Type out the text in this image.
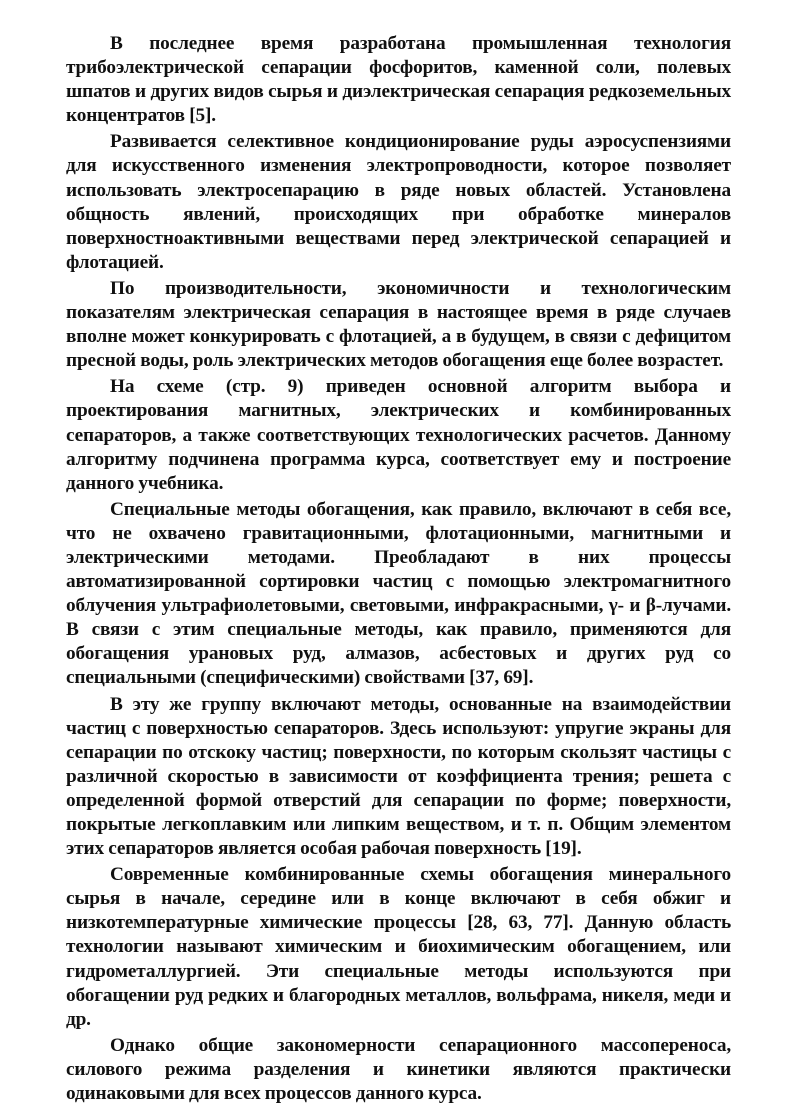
В последнее время разработана промышленная технология трибоэлектрической сепарации фосфоритов, каменной соли, полевых шпатов и других видов сырья и диэлектрическая сепарация редкоземельных концентратов [5].

Развивается селективное кондиционирование руды аэросуспензиями для искусственного изменения электропроводности, которое позволяет использовать электросепарацию в ряде новых областей. Установлена общность явлений, происходящих при обработке минералов поверхностноактивными веществами перед электрической сепарацией и флотацией.

По производительности, экономичности и технологическим показателям электрическая сепарация в настоящее время в ряде случаев вполне может конкурировать с флотацией, а в будущем, в связи с дефицитом пресной воды, роль электрических методов обогащения еще более возрастет.

На схеме (стр. 9) приведен основной алгоритм выбора и проектирования магнитных, электрических и комбинированных сепараторов, а также соответствующих технологических расчетов. Данному алгоритму подчинена программа курса, соответствует ему и построение данного учебника.

Специальные методы обогащения, как правило, включают в себя все, что не охвачено гравитационными, флотационными, магнитными и электрическими методами. Преобладают в них процессы автоматизированной сортировки частиц с помощью электромагнитного облучения ультрафиолетовыми, световыми, инфракрасными, γ- и β-лучами. В связи с этим специальные методы, как правило, применяются для обогащения урановых руд, алмазов, асбестовых и других руд со специальными (специфическими) свойствами [37, 69].

В эту же группу включают методы, основанные на взаимодействии частиц с поверхностью сепараторов. Здесь используют: упругие экраны для сепарации по отскоку частиц; поверхности, по которым скользят частицы с различной скоростью в зависимости от коэффициента трения; решета с определенной формой отверстий для сепарации по форме; поверхности, покрытые легкоплавким или липким веществом, и т. п. Общим элементом этих сепараторов является особая рабочая поверхность [19].

Современные комбинированные схемы обогащения минерального сырья в начале, середине или в конце включают в себя обжиг и низкотемпературные химические процессы [28, 63, 77]. Данную область технологии называют химическим и биохимическим обогащением, или гидрометаллургией. Эти специальные методы используются при обогащении руд редких и благородных металлов, вольфрама, никеля, меди и др.

Однако общие закономерности сепарационного массопереноса, силового режима разделения и кинетики являются практически одинаковыми для всех процессов данного курса.
